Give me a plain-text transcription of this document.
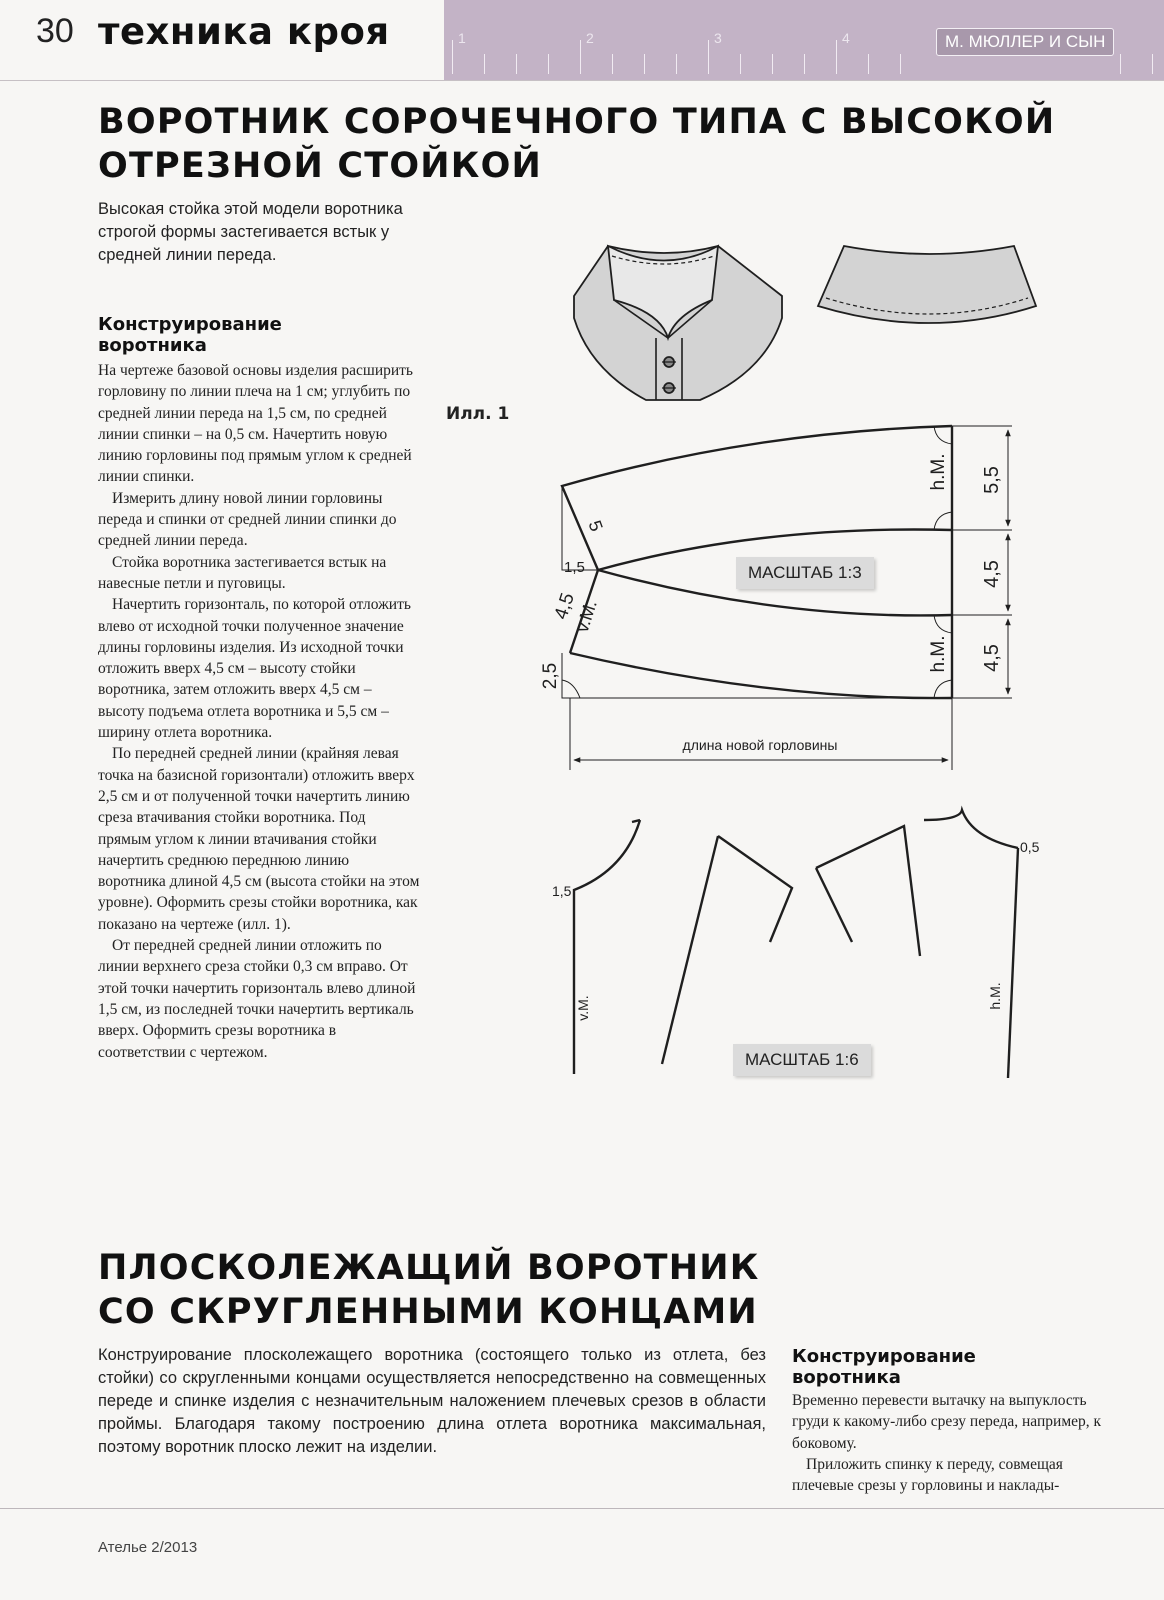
30 техника кроя	1	2	3	4	М. МЮЛЛЕР И СЫН
ВОРОТНИК СОРОЧЕЧНОГО ТИПА С ВЫСОКОЙ
ОТРЕЗНОЙ СТОЙКОЙ
Высокая стойка этой модели воротника строгой формы застегивается встык у средней линии переда.
Конструирование
воротника

На чертеже базовой основы изделия расширить горловину по линии плеча на 1 см; углубить по средней линии переда на 1,5 см, по средней линии спинки – на 0,5 см. Начертить новую линию горловины под прямым углом к средней линии спинки.

Измерить длину новой линии горловины переда и спинки от средней линии спинки до средней линии переда.

Стойка воротника застегивается встык на навесные петли и пуговицы.

Начертить горизонталь, по которой отложить влево от исходной точки полученное значение длины горловины изделия. Из исходной точки отложить вверх 4,5 см – высоту стойки воротника, затем отложить вверх 4,5 см – высоту подъема отлета воротника и 5,5 см – ширину отлета воротника.

По передней средней линии (крайняя левая точка на базисной горизонтали) отложить вверх 2,5 см и от полученной точки начертить линию среза втачивания стойки воротника. Под прямым углом к линии втачивания стойки начертить среднюю переднюю линию воротника длиной 4,5 см (высота стойки на этом уровне). Оформить срезы стойки воротника, как показано на чертеже (илл. 1).

От передней средней линии отложить по линии верхнего среза стойки 0,3 см вправо. От этой точки начертить горизонталь влево длиной 1,5 см, из последней точки начертить вертикаль вверх. Оформить срезы воротника в соответствии с чертежом.

Илл. 1
5,5
4,5
4,5
h.M.
h.M.
5
1,5
4,5
v.M.
2,5
длина новой горловины
1,5
v.M.	h.M.
0,5
МАСШТАБ 1:3
МАСШТАБ 1:6
ПЛОСКОЛЕЖАЩИЙ ВОРОТНИК
СО СКРУГЛЕННЫМИ КОНЦАМИ
Конструирование плосколежащего воротника (состоящего только из отлета, без стойки) со скругленными концами осуществляется непосредственно на совмещенных переде и спинке изделия с незначительным наложением плечевых срезов в области проймы. Благодаря такому построению длина отлета воротника максимальная, поэтому воротник плоско лежит на изделии.
Конструирование
воротника

Временно перевести вытачку на выпуклость груди к какому-либо срезу переда, например, к боковому.

Приложить спинку к переду, совмещая плечевые срезы у горловины и наклады-

Ателье 2/2013
